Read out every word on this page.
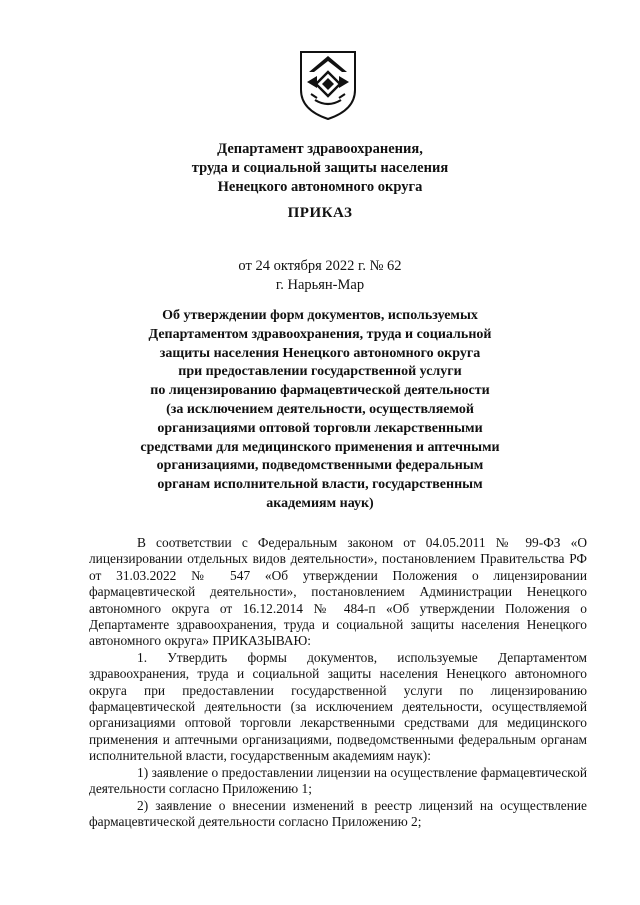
Департамент здравоохранения,
труда и социальной защиты населения
Ненецкого автономного округа
ПРИКАЗ
от 24 октября 2022 г. № 62
г. Нарьян-Мар
Об утверждении форм документов, используемых
Департаментом здравоохранения, труда и социальной
защиты населения Ненецкого автономного округа
при предоставлении государственной услуги
по лицензированию фармацевтической деятельности
(за исключением деятельности, осуществляемой
организациями оптовой торговли лекарственными
средствами для медицинского применения и аптечными
организациями, подведомственными федеральным
органам исполнительной власти, государственным
академиям наук)

В соответствии с Федеральным законом от 04.05.2011 № 99-ФЗ «О лицензировании отдельных видов деятельности», постановлением Правительства РФ от 31.03.2022 № 547 «Об утверждении Положения о лицензировании фармацевтической деятельности», постановлением Администрации Ненецкого автономного округа от 16.12.2014 № 484-п «Об утверждении Положения о Департаменте здравоохранения, труда и социальной защиты населения Ненецкого автономного округа» ПРИКАЗЫВАЮ:

1. Утвердить формы документов, используемые Департаментом здравоохранения, труда и социальной защиты населения Ненецкого автономного округа при предоставлении государственной услуги по лицензированию фармацевтической деятельности (за исключением деятельности, осуществляемой организациями оптовой торговли лекарственными средствами для медицинского применения и аптечными организациями, подведомственными федеральным органам исполнительной власти, государственным академиям наук):

1) заявление о предоставлении лицензии на осуществление фармацевтической деятельности согласно Приложению 1;

2) заявление о внесении изменений в реестр лицензий на осуществление фармацевтической деятельности согласно Приложению 2;
